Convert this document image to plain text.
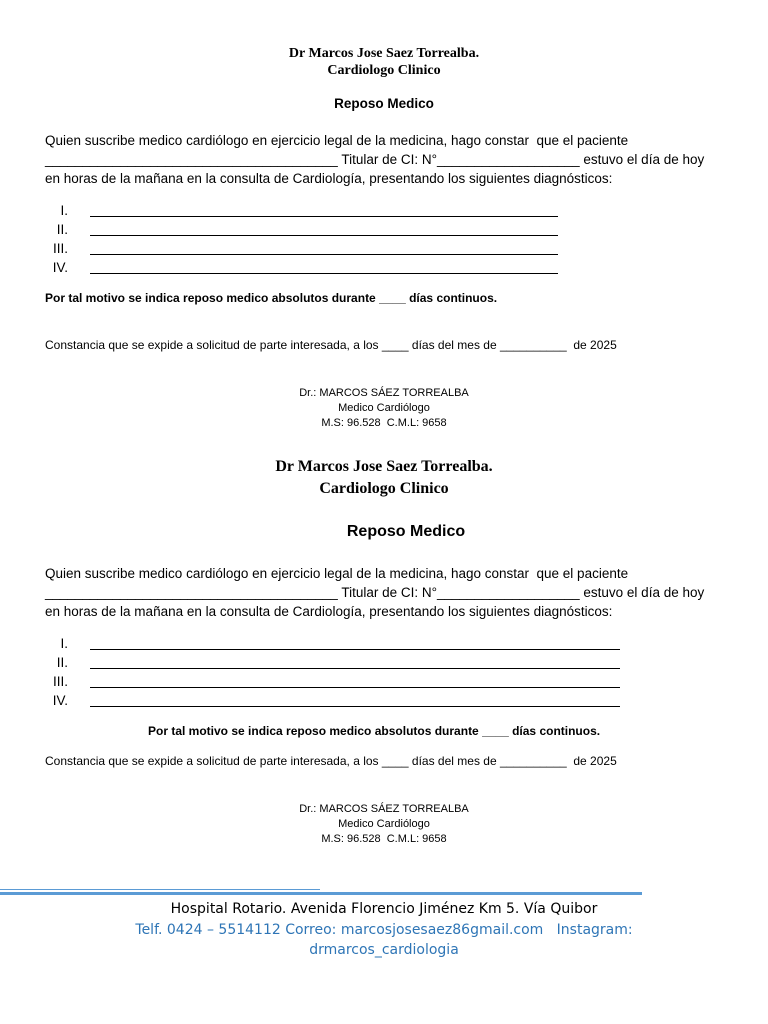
Dr Marcos Jose Saez Torrealba.
Cardiologo Clinico
Reposo Medico
Quien suscribe medico cardiólogo en ejercicio legal de la medicina, hago constar  que el paciente
_______________________________________ Titular de CI: N°___________________ estuvo el día de hoy
en horas de la mañana en la consulta de Cardiología, presentando los siguientes diagnósticos:
I.
II.
III.
IV.
Por tal motivo se indica reposo medico absolutos durante ____ días continuos.
Constancia que se expide a solicitud de parte interesada, a los ____ días del mes de __________  de 2025
Dr.: MARCOS SÁEZ TORREALBA
Medico Cardiólogo
M.S: 96.528  C.M.L: 9658
Dr Marcos Jose Saez Torrealba.
Cardiologo Clinico
Reposo Medico
Quien suscribe medico cardiólogo en ejercicio legal de la medicina, hago constar  que el paciente
_______________________________________ Titular de CI: N°___________________ estuvo el día de hoy
en horas de la mañana en la consulta de Cardiología, presentando los siguientes diagnósticos:
I.
II.
III.
IV.
Por tal motivo se indica reposo medico absolutos durante ____ días continuos.
Constancia que se expide a solicitud de parte interesada, a los ____ días del mes de __________  de 2025
Dr.: MARCOS SÁEZ TORREALBA
Medico Cardiólogo
M.S: 96.528  C.M.L: 9658
Hospital Rotario. Avenida Florencio Jiménez Km 5. Vía Quibor
Telf. 0424 – 5514112 Correo: marcosjosesaez86gmail.com   Instagram:
drmarcos_cardiologia
